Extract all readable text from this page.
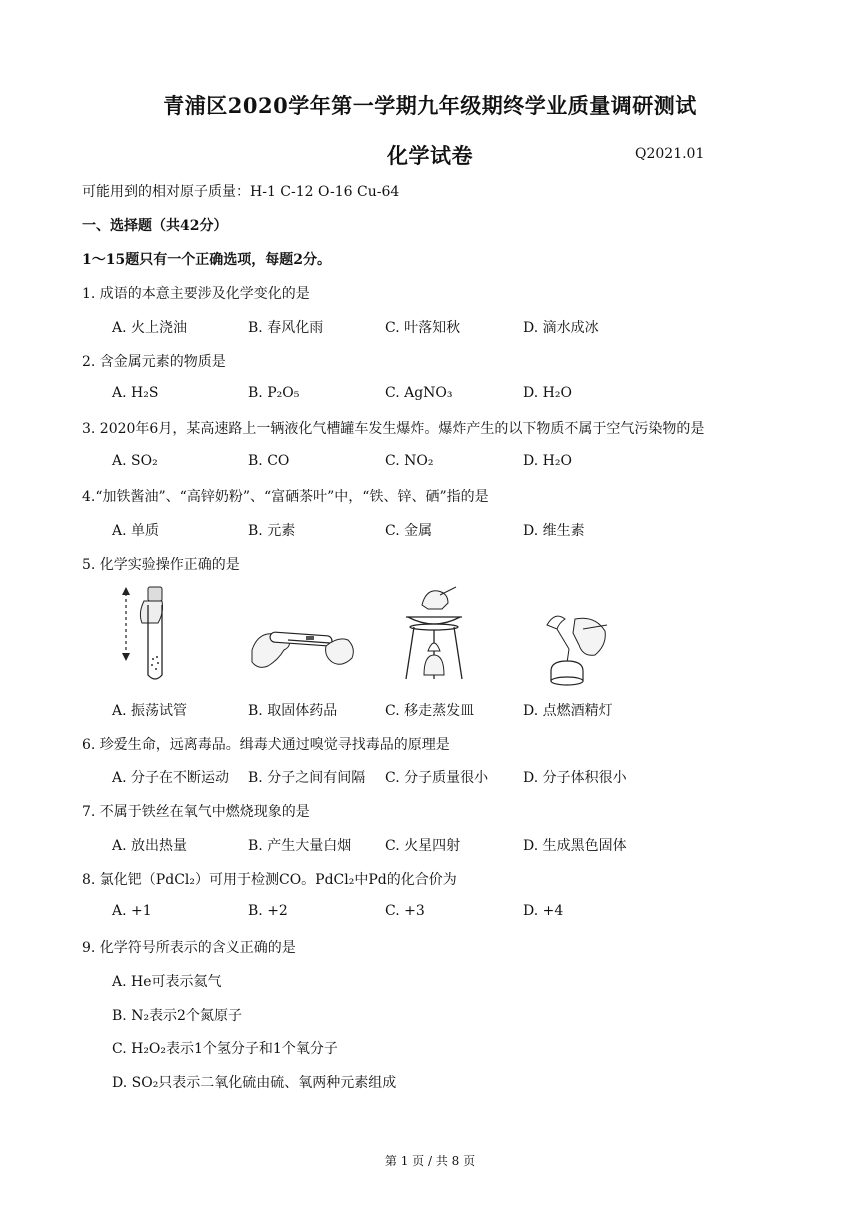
青浦区2020学年第一学期九年级期终学业质量调研测试
化学试卷	Q2021.01
可能用到的相对原子质量：H-1 C-12 O-16 Cu-64
一、选择题（共42分）
1～15题只有一个正确选项，每题2分。
1. 成语的本意主要涉及化学变化的是
A. 火上浇油	B. 春风化雨	C. 叶落知秋	D. 滴水成冰
2. 含金属元素的物质是
A. H₂S	B. P₂O₅	C. AgNO₃	D. H₂O
3. 2020年6月，某高速路上一辆液化气槽罐车发生爆炸。爆炸产生的以下物质不属于空气污染物的是
A. SO₂	B. CO	C. NO₂	D. H₂O
4.“加铁酱油”、“高锌奶粉”、“富硒茶叶”中，“铁、锌、硒”指的是
A. 单质	B. 元素	C. 金属	D. 维生素
5. 化学实验操作正确的是
A. 振荡试管	B. 取固体药品	C. 移走蒸发皿	D. 点燃酒精灯
6. 珍爱生命，远离毒品。缉毒犬通过嗅觉寻找毒品的原理是
A. 分子在不断运动 B. 分子之间有间隔 C. 分子质量很小 D. 分子体积很小
7. 不属于铁丝在氧气中燃烧现象的是
A. 放出热量	B. 产生大量白烟 C. 火星四射	D. 生成黑色固体
8. 氯化钯（PdCl₂）可用于检测CO。PdCl₂中Pd的化合价为
A. +1	B. +2	C. +3	D. +4
9. 化学符号所表示的含义正确的是
A. He可表示氦气
B. N₂表示2个氮原子
C. H₂O₂表示1个氢分子和1个氧分子
D. SO₂只表示二氧化硫由硫、氧两种元素组成
第 1 页 / 共 8 页
